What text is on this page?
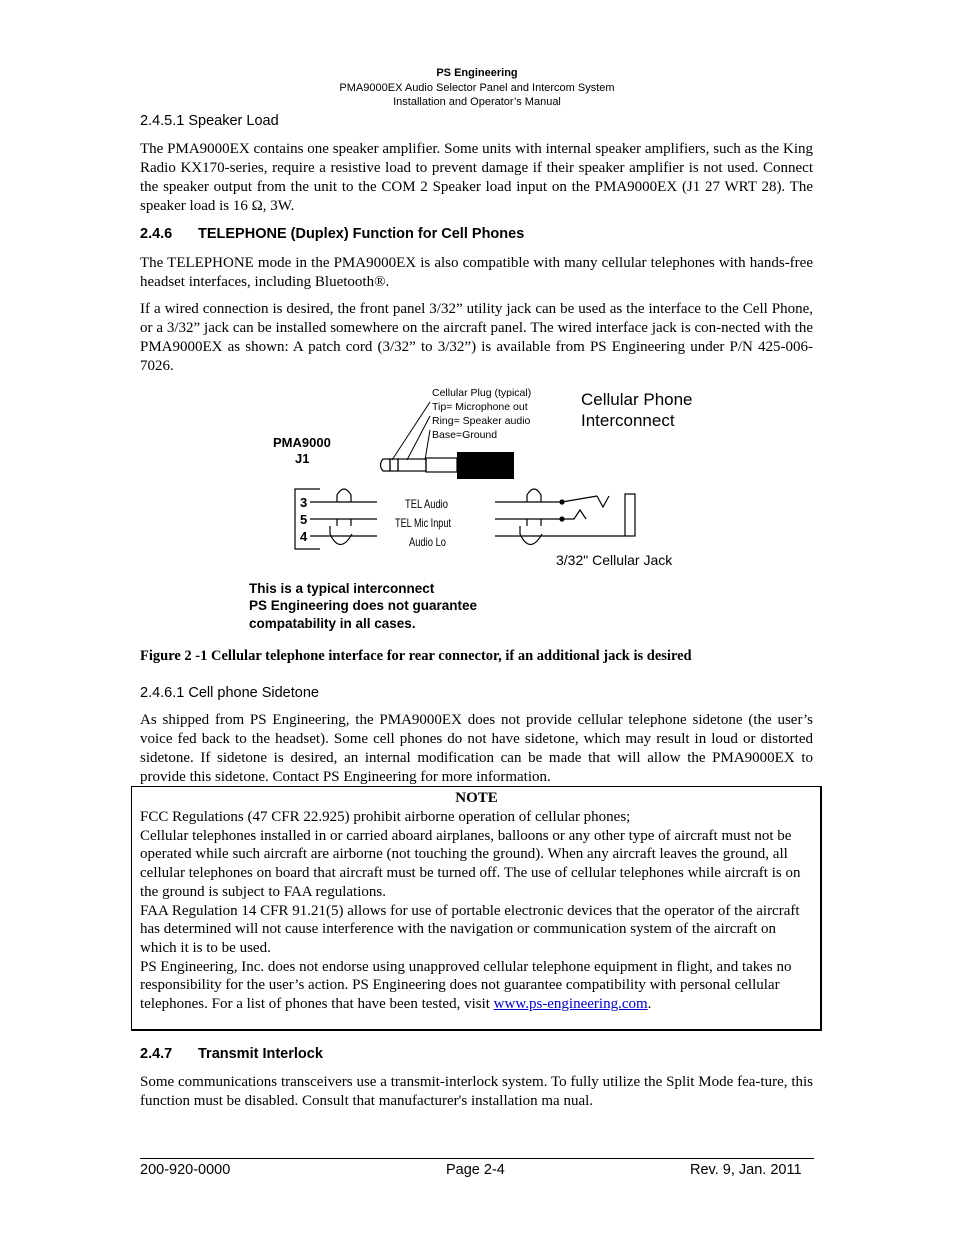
PS Engineering
PMA9000EX Audio Selector Panel and Intercom System
Installation and Operator’s Manual
2.4.5.1 Speaker Load

The PMA9000EX contains one speaker amplifier. Some units with internal speaker amplifiers, such as the King Radio KX170-series, require a resistive load to prevent damage if their speaker amplifier is not used. Connect the speaker output from the unit to the COM 2 Speaker load input on the PMA9000EX (J1 27 WRT 28). The speaker load is 16 Ω, 3W.

2.4.6 TELEPHONE (Duplex) Function for Cell Phones

The TELEPHONE mode in the PMA9000EX is also compatible with many cellular telephones with hands-free headset interfaces, including Bluetooth®.

If a wired connection is desired, the front panel 3/32” utility jack can be used as the interface to the Cell Phone, or a 3/32” jack can be installed somewhere on the aircraft panel. The wired interface jack is con-nected with the PMA9000EX as shown: A patch cord (3/32” to 3/32”) is available from PS Engineering under P/N 425-006-7026.

Cellular Plug (typical)
Tip= Microphone out
Ring= Speaker audio
Base=Ground
Cellular Phone
Interconnect
PMA9000
J1
3
5
4
TEL Audio
TEL Mic Input
Audio Lo
3/32" Cellular Jack
This is a typical interconnect
PS Engineering does not guarantee
compatability in all cases.
Figure 2 -1 Cellular telephone interface for rear connector, if an additional jack is desired
2.4.6.1 Cell phone Sidetone

As shipped from PS Engineering, the PMA9000EX does not provide cellular telephone sidetone (the user’s voice fed back to the headset). Some cell phones do not have sidetone, which may result in loud or distorted sidetone. If sidetone is desired, an internal modification can be made that will allow the PMA9000EX to provide this sidetone. Contact PS Engineering for more information.

NOTE
FCC Regulations (47 CFR 22.925) prohibit airborne operation of cellular phones;
Cellular telephones installed in or carried aboard airplanes, balloons or any other type of aircraft must not be operated while such aircraft are airborne (not touching the ground). When any aircraft leaves the ground, all cellular telephones on board that aircraft must be turned off. The use of cellular telephones while aircraft is on the ground is subject to FAA regulations.
FAA Regulation 14 CFR 91.21(5) allows for use of portable electronic devices that the operator of the aircraft has determined will not cause interference with the navigation or communication system of the aircraft on which it is to be used.
PS Engineering, Inc. does not endorse using unapproved cellular telephone equipment in flight, and takes no responsibility for the user’s action. PS Engineering does not guarantee compatibility with personal cellular telephones. For a list of phones that have been tested, visit www.ps-engineering.com.
2.4.7 Transmit Interlock

Some communications transceivers use a transmit-interlock system. To fully utilize the Split Mode fea-ture, this function must be disabled. Consult that manufacturer's installation ma nual.

200-920-0000	Page 2-4	Rev. 9, Jan. 2011
